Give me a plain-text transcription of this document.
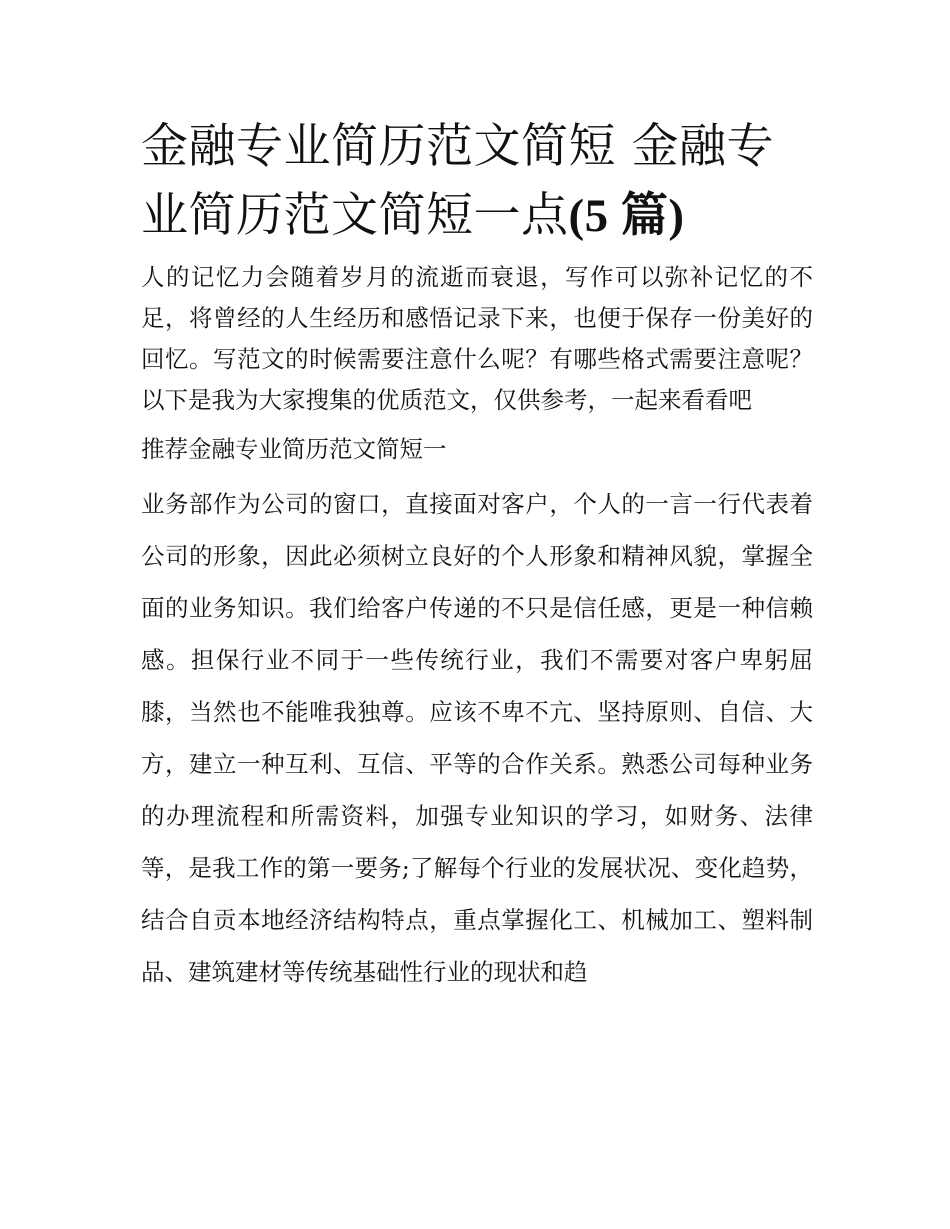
金融专业简历范文简短 金融专业简历范文简短一点(5 篇)

人的记忆力会随着岁月的流逝而衰退，写作可以弥补记忆的不足，将曾经的人生经历和感悟记录下来，也便于保存一份美好的回忆。写范文的时候需要注意什么呢？有哪些格式需要注意呢？以下是我为大家搜集的优质范文，仅供参考，一起来看看吧

推荐金融专业简历范文简短一

业务部作为公司的窗口，直接面对客户，个人的一言一行代表着公司的形象，因此必须树立良好的个人形象和精神风貌，掌握全面的业务知识。我们给客户传递的不只是信任感，更是一种信赖感。担保行业不同于一些传统行业，我们不需要对客户卑躬屈膝，当然也不能唯我独尊。应该不卑不亢、坚持原则、自信、大方，建立一种互利、互信、平等的合作关系。熟悉公司每种业务的办理流程和所需资料，加强专业知识的学习，如财务、法律等，是我工作的第一要务;了解每个行业的发展状况、变化趋势，结合自贡本地经济结构特点，重点掌握化工、机械加工、塑料制品、建筑建材等传统基础性行业的现状和趋
